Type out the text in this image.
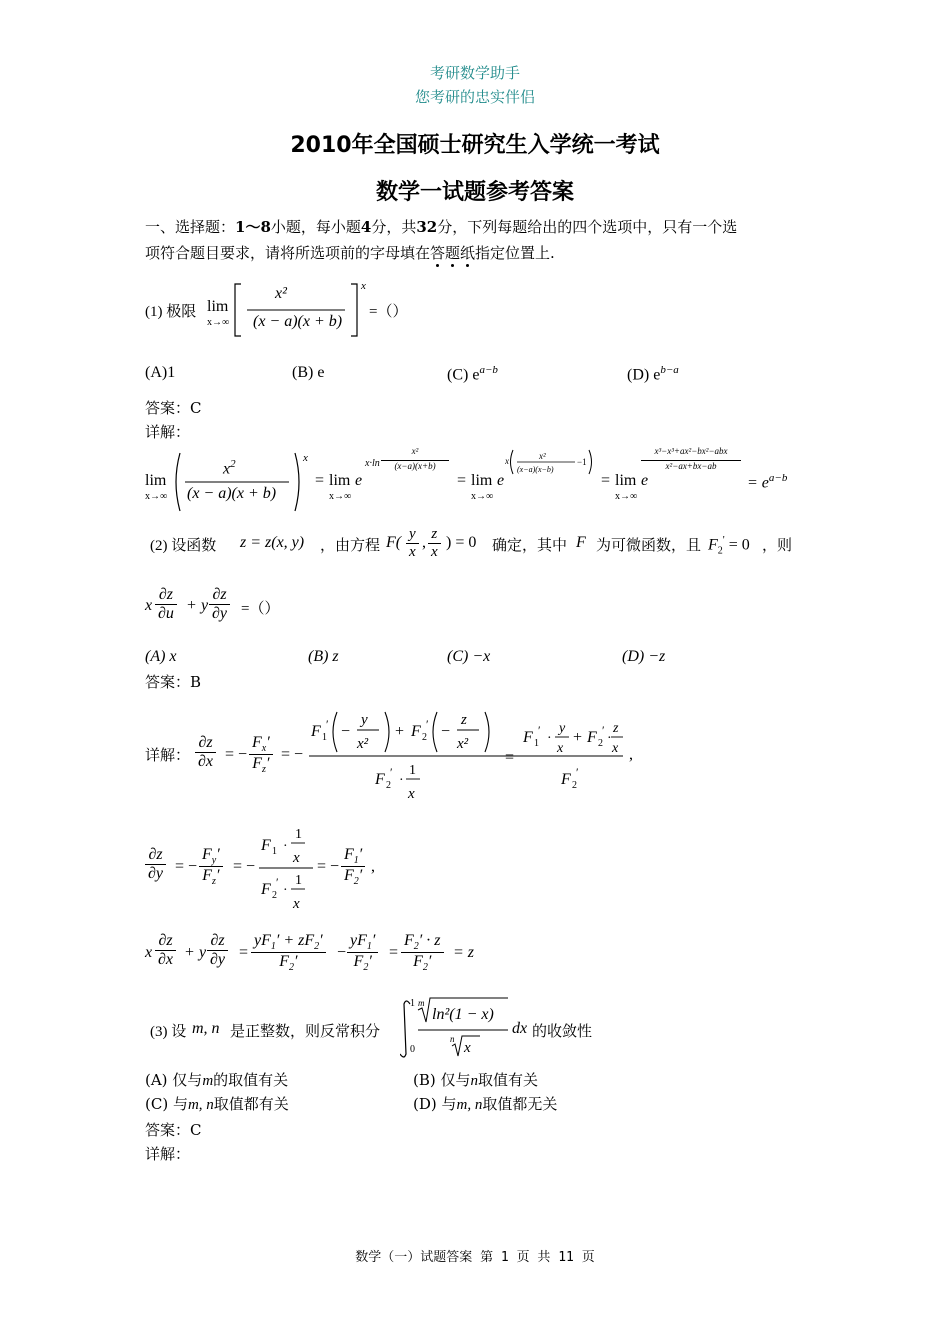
考研数学助手
您考研的忠实伴侣
2010年全国硕士研究生入学统一考试
数学一试题参考答案
一、选择题：1～8小题，每小题4分，共32分，下列每题给出的四个选项中，只有一个选
项符合题目要求，请将所选项前的字母填在答题纸
指定位置上.
(1) 极限 lim
x→∞
x²
(x − a)(x + b)
x
=（）
(A)1	(B) e	(C) $e^{a-b}$	(D) $e^{b-a}$
答案：C
详解：
lim
x→∞
$x^2$
(x − a)(x + b)
x
= lim
x→∞
e
x·ln
x²
(x−a)(x+b)
= lim
x→∞
e
x	x²
(x−a)(x−b)
−1
= lim
x→∞
e
x³−x³+ax²−bx²−abx
x²−ax+bx−ab
= $e^{a-b}$
(2) 设函数 z = z(x, y) ，由方程 $F( \frac{y}{x}$ , $\frac{z}{x}$ ) = 0 确定，其中 F 为可微函数，且 $F_2' = 0$ ，则
x $\frac{\partial z}{\partial u} + y \frac{\partial z}{\partial y}$ =（）
(A) x	(B) z	(C) −x	(D) −z
答案：B
详解： $\frac{\partial z}{\partial x}$ = − $\frac{F_x'}{F_z'}$ = −
F 1
′ −
y
x²
+ F 2
′ −
z
x²
F 2
′
·
1
x
=
F 1
′
·
y
x
+ F 2
′
·
z
x
F 2
′
,
$\frac{\partial z}{\partial y}$ = − $\frac{F_y'}{F_z'}$ = −
F 1 ·
1
x
F 2
′
·
1
x
= − $\frac{F_1'}{F_2'}$ ,
x $\frac{\partial z}{\partial x} + y \frac{\partial z}{\partial y} = \frac{yF_1' + zF_2'}{F_2'} - \frac{yF_1'}{F_2'} = \frac{F_2' \cdot z}{F_2'} = z$
(3) 设 m, n 是正整数，则反常积分
m
n
x
1
0
ln²(1 − x)
dx 的收敛性
(A) 仅与m的取值有关	(B) 仅与n取值有关
(C) 与m, n取值都有关	(D) 与m, n取值都无关
答案：C
详解：
数学（一）试题答案 第 1 页 共 11 页
